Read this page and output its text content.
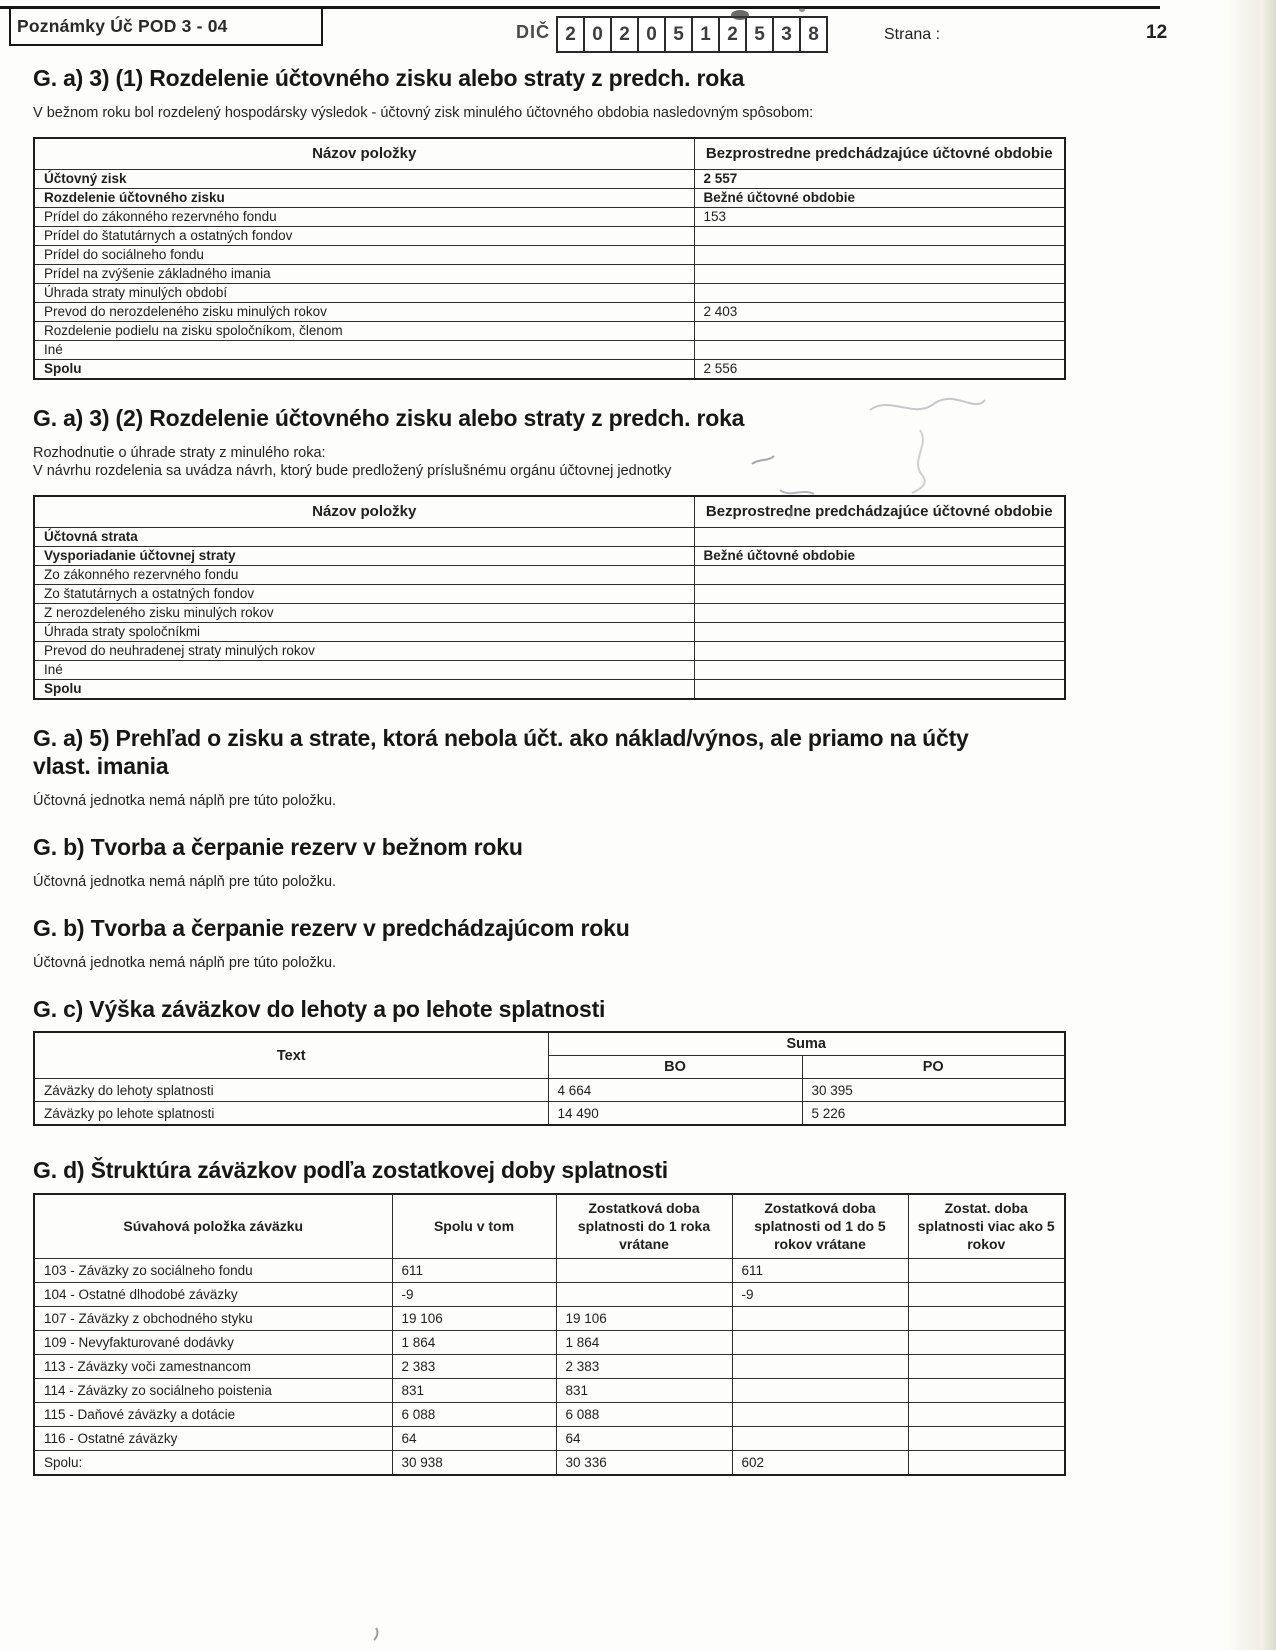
Poznámky Úč POD 3 - 04	DIČ 2 0 2 0 5 1 2 5 3 8	Strana :	12
G. a) 3) (1) Rozdelenie účtovného zisku alebo straty z predch. roka

V bežnom roku bol rozdelený hospodársky výsledok - účtovný zisk minulého účtovného obdobia nasledovným spôsobom:

Názov položky	Bezprostredne predchádzajúce účtovné obdobie
Účtovný zisk	2 557
Rozdelenie účtovného zisku	Bežné účtovné obdobie
Prídel do zákonného rezervného fondu	153
Prídel do štatutárnych a ostatných fondov	
Prídel do sociálneho fondu	
Prídel na zvýšenie základného imania	
Úhrada straty minulých období	
Prevod do nerozdeleného zisku minulých rokov	2 403
Rozdelenie podielu na zisku spoločníkom, členom	
Iné	
Spolu	2 556
G. a) 3) (2) Rozdelenie účtovného zisku alebo straty z predch. roka

Rozhodnutie o úhrade straty z minulého roka:

V návrhu rozdelenia sa uvádza návrh, ktorý bude predložený príslušnému orgánu účtovnej jednotky

Názov položky	Bezprostredne predchádzajúce účtovné obdobie
Účtovná strata	
Vysporiadanie účtovnej straty	Bežné účtovné obdobie
Zo zákonného rezervného fondu	
Zo štatutárnych a ostatných fondov	
Z nerozdeleného zisku minulých rokov	
Úhrada straty spoločníkmi	
Prevod do neuhradenej straty minulých rokov	
Iné	
Spolu	
G. a) 5) Prehľad o zisku a strate, ktorá nebola účt. ako náklad/výnos, ale priamo na účty vlast. imania

Účtovná jednotka nemá náplň pre túto položku.

G. b) Tvorba a čerpanie rezerv v bežnom roku

Účtovná jednotka nemá náplň pre túto položku.

G. b) Tvorba a čerpanie rezerv v predchádzajúcom roku

Účtovná jednotka nemá náplň pre túto položku.

G. c) Výška záväzkov do lehoty a po lehote splatnosti
Text	Suma	
	BO	PO
Záväzky do lehoty splatnosti	4 664	30 395
Záväzky po lehote splatnosti	14 490	5 226
G. d) Štruktúra záväzkov podľa zostatkovej doby splatnosti
Súvahová položka záväzku	Spolu v tom	Zostatková doba splatnosti do 1 roka vrátane	Zostatková doba splatnosti od 1 do 5 rokov vrátane	Zostat. doba splatnosti viac ako 5 rokov
103 - Záväzky zo sociálneho fondu	611		611	
104 - Ostatné dlhodobé záväzky	-9		-9	
107 - Záväzky z obchodného styku	19 106	19 106		
109 - Nevyfakturované dodávky	1 864	1 864		
113 - Záväzky voči zamestnancom	2 383	2 383		
114 - Záväzky zo sociálneho poistenia	831	831		
115 - Daňové záväzky a dotácie	6 088	6 088		
116 - Ostatné záväzky	64	64		
Spolu:	30 938	30 336	602	
